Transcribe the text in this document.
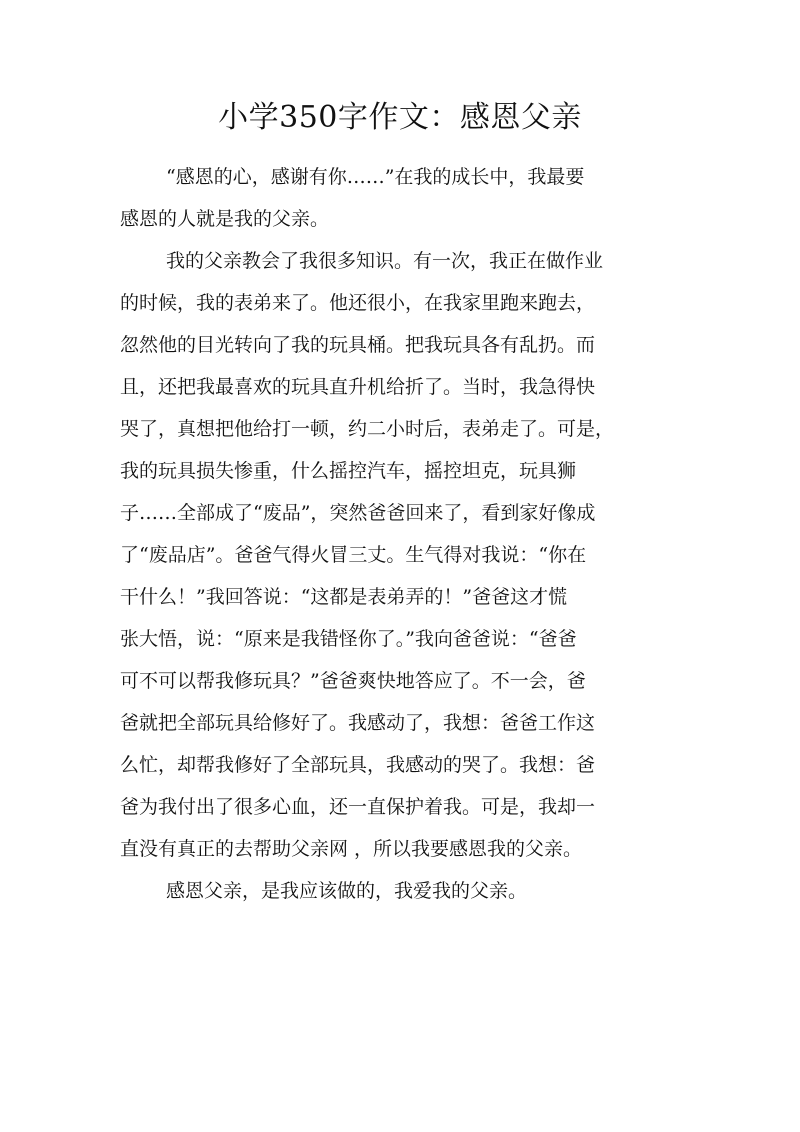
小学350字作文：感恩父亲
“感恩的心，感谢有你……”在我的成长中，我最要
感恩的人就是我的父亲。
我的父亲教会了我很多知识。有一次，我正在做作业
的时候，我的表弟来了。他还很小，在我家里跑来跑去，
忽然他的目光转向了我的玩具桶。把我玩具各有乱扔。而
且，还把我最喜欢的玩具直升机给折了。当时，我急得快
哭了，真想把他给打一顿，约二小时后，表弟走了。可是，
我的玩具损失惨重，什么摇控汽车，摇控坦克，玩具狮
子……全部成了“废品”，突然爸爸回来了，看到家好像成
了“废品店”。爸爸气得火冒三丈。生气得对我说：“你在
干什么！”我回答说：“这都是表弟弄的！”爸爸这才慌
张大悟，说：“原来是我错怪你了。”我向爸爸说：“爸爸
可不可以帮我修玩具？”爸爸爽快地答应了。不一会，爸
爸就把全部玩具给修好了。我感动了，我想：爸爸工作这
么忙，却帮我修好了全部玩具，我感动的哭了。我想：爸
爸为我付出了很多心血，还一直保护着我。可是，我却一
直没有真正的去帮助父亲网 ，所以我要感恩我的父亲。
感恩父亲，是我应该做的，我爱我的父亲。
